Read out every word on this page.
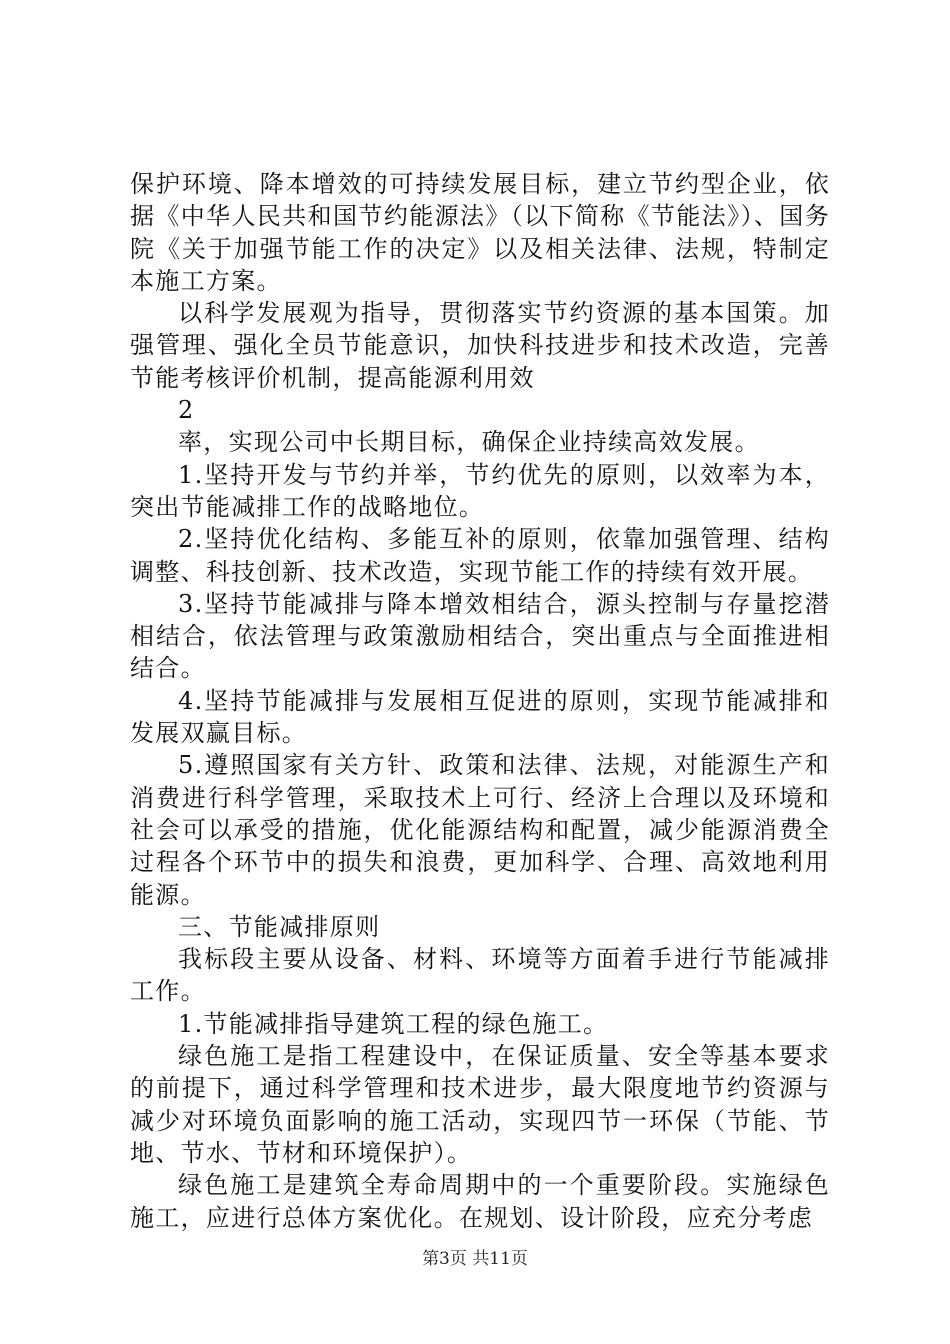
保护环境、降本增效的可持续发展目标，建立节约型企业，依据《中华人民共和国节约能源法》（以下简称《节能法》）、国务院《关于加强节能工作的决定》以及相关法律、法规，特制定本施工方案。

以科学发展观为指导，贯彻落实节约资源的基本国策。加强管理、强化全员节能意识，加快科技进步和技术改造，完善节能考核评价机制，提高能源利用效

2

率，实现公司中长期目标，确保企业持续高效发展。

1.坚持开发与节约并举，节约优先的原则，以效率为本，突出节能减排工作的战略地位。

2.坚持优化结构、多能互补的原则，依靠加强管理、结构调整、科技创新、技术改造，实现节能工作的持续有效开展。

3.坚持节能减排与降本增效相结合，源头控制与存量挖潜相结合，依法管理与政策激励相结合，突出重点与全面推进相结合。

4.坚持节能减排与发展相互促进的原则，实现节能减排和发展双赢目标。

5.遵照国家有关方针、政策和法律、法规，对能源生产和消费进行科学管理，采取技术上可行、经济上合理以及环境和社会可以承受的措施，优化能源结构和配置，减少能源消费全过程各个环节中的损失和浪费，更加科学、合理、高效地利用能源。

三、节能减排原则

我标段主要从设备、材料、环境等方面着手进行节能减排工作。

1.节能减排指导建筑工程的绿色施工。

绿色施工是指工程建设中，在保证质量、安全等基本要求的前提下，通过科学管理和技术进步，最大限度地节约资源与减少对环境负面影响的施工活动，实现四节一环保（节能、节地、节水、节材和环境保护）。

绿色施工是建筑全寿命周期中的一个重要阶段。实施绿色施工，应进行总体方案优化。在规划、设计阶段，应充分考虑

第3页 共11页
